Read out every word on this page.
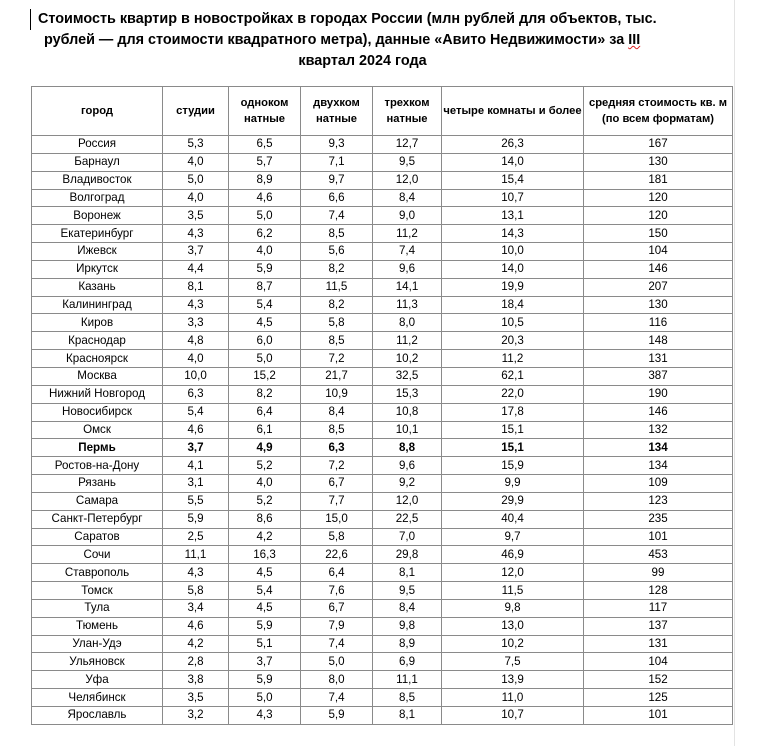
Стоимость квартир в новостройках в городах России (млн рублей для объектов, тыс.
рублей — для стоимости квадратного метра), данные «Авито Недвижимости» за III
квартал 2024 года
город	студии	одноком натные	двухком натные	трехком натные	четыре комнаты и более	средняя стоимость кв. м (по всем форматам)
Россия	5,3	6,5	9,3	12,7	26,3	167
Барнаул	4,0	5,7	7,1	9,5	14,0	130
Владивосток	5,0	8,9	9,7	12,0	15,4	181
Волгоград	4,0	4,6	6,6	8,4	10,7	120
Воронеж	3,5	5,0	7,4	9,0	13,1	120
Екатеринбург	4,3	6,2	8,5	11,2	14,3	150
Ижевск	3,7	4,0	5,6	7,4	10,0	104
Иркутск	4,4	5,9	8,2	9,6	14,0	146
Казань	8,1	8,7	11,5	14,1	19,9	207
Калининград	4,3	5,4	8,2	11,3	18,4	130
Киров	3,3	4,5	5,8	8,0	10,5	116
Краснодар	4,8	6,0	8,5	11,2	20,3	148
Красноярск	4,0	5,0	7,2	10,2	11,2	131
Москва	10,0	15,2	21,7	32,5	62,1	387
Нижний Новгород	6,3	8,2	10,9	15,3	22,0	190
Новосибирск	5,4	6,4	8,4	10,8	17,8	146
Омск	4,6	6,1	8,5	10,1	15,1	132
Пермь	3,7	4,9	6,3	8,8	15,1	134
Ростов-на-Дону	4,1	5,2	7,2	9,6	15,9	134
Рязань	3,1	4,0	6,7	9,2	9,9	109
Самара	5,5	5,2	7,7	12,0	29,9	123
Санкт-Петербург	5,9	8,6	15,0	22,5	40,4	235
Саратов	2,5	4,2	5,8	7,0	9,7	101
Сочи	11,1	16,3	22,6	29,8	46,9	453
Ставрополь	4,3	4,5	6,4	8,1	12,0	99
Томск	5,8	5,4	7,6	9,5	11,5	128
Тула	3,4	4,5	6,7	8,4	9,8	117
Тюмень	4,6	5,9	7,9	9,8	13,0	137
Улан-Удэ	4,2	5,1	7,4	8,9	10,2	131
Ульяновск	2,8	3,7	5,0	6,9	7,5	104
Уфа	3,8	5,9	8,0	11,1	13,9	152
Челябинск	3,5	5,0	7,4	8,5	11,0	125
Ярославль	3,2	4,3	5,9	8,1	10,7	101
